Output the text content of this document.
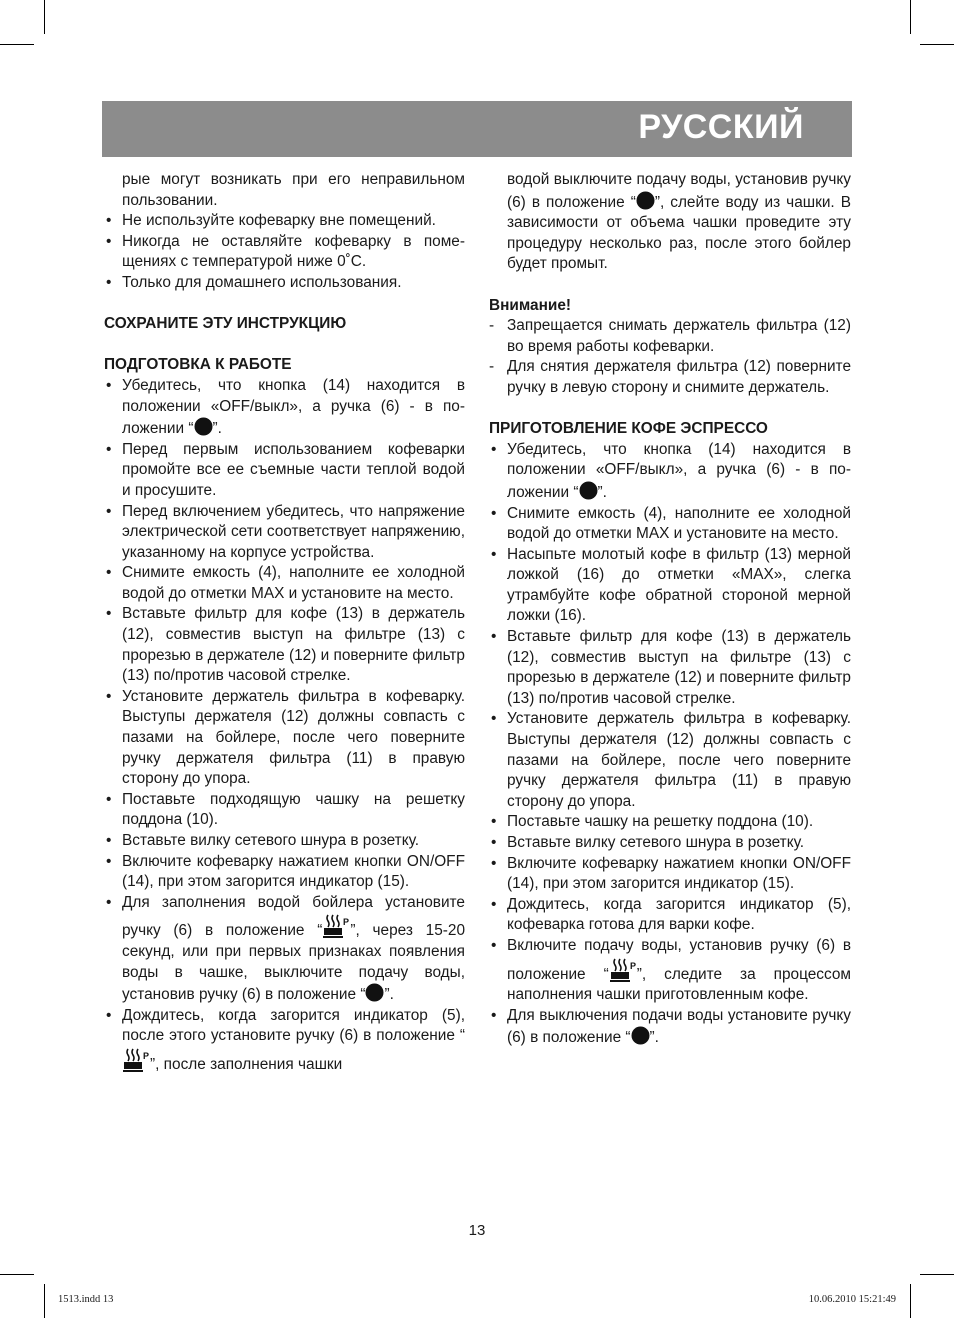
РУССКИЙ

рые могут возникать при его неправильном пользовании.

• Не используйте кофеварку вне помещений.

• Никогда не оставляйте кофеварку в помещениях с температурой ниже 0˚C.

• Только для домашнего использования.

СОХРАНИТЕ ЭТУ ИНСТРУКЦИЮ

ПОДГОТОВКА К РАБОТЕ

• Убедитесь, что кнопка (14) находится в положении «OFF/выкл», а ручка (6) - в положении “ ”.

• Перед первым использованием кофеварки промойте все ее съемные части теплой водой и просушите.

• Перед включением убедитесь, что напряжение электрической сети соответствует напряжению, указанному на корпусе устройства.

• Снимите емкость (4), наполните ее холодной водой до отметки MAX и установите на место.

• Вставьте фильтр для кофе (13) в держатель (12), совместив выступ на фильтре (13) с прорезью в держателе (12) и поверните фильтр (13) по/против часовой стрелке.

• Установите держатель фильтра в кофеварку. Выступы держателя (12) должны совпасть с пазами на бойлере, после чего поверните ручку держателя фильтра (11) в правую сторону до упора.

• Поставьте подходящую чашку на решетку поддона (10).

• Вставьте вилку сетевого шнура в розетку.

• Включите кофеварку нажатием кнопки ON/OFF (14), при этом загорится индикатор (15).

• Для заполнения водой бойлера установите ручку (6) в положение “ P ”, через 15-20 секунд, или при первых признаках появления воды в чашке, выключите подачу воды, установив ручку (6) в положение “ ”.

• Дождитесь, когда загорится индикатор (5), после этого установите ручку (6) в положение “
P ”, после заполнения чашки

водой выключите подачу воды, установив ручку (6) в положение “ ”, слейте воду из чашки. В зависимости от объема чашки проведите эту процедуру несколько раз, после этого бойлер будет промыт.

Внимание!

- Запрещается снимать держатель фильтра (12) во время работы кофеварки.

- Для снятия держателя фильтра (12) поверните ручку в левую сторону и снимите держатель.

ПРИГОТОВЛЕНИЕ КОФЕ ЭСПРЕССО

• Убедитесь, что кнопка (14) находится в положении «OFF/выкл», а ручка (6) - в положении “ ”.

• Снимите емкость (4), наполните ее холодной водой до отметки MAX и установите на место.

• Насыпьте молотый кофе в фильтр (13) мерной ложкой (16) до отметки «MAX», слегка утрамбуйте кофе обратной стороной мерной ложки (16).

• Вставьте фильтр для кофе (13) в держатель (12), совместив выступ на фильтре (13) с прорезью в держателе (12) и поверните фильтр (13) по/против часовой стрелке.

• Установите держатель фильтра в кофеварку. Выступы держателя (12) должны совпасть с пазами на бойлере, после чего поверните ручку держателя фильтра (11) в правую сторону до упора.

• Поставьте чашку на решетку поддона (10).

• Вставьте вилку сетевого шнура в розетку.

• Включите кофеварку нажатием кнопки ON/OFF (14), при этом загорится индикатор (15).

• Дождитесь, когда загорится индикатор (5), кофеварка готова для варки кофе.

• Включите подачу воды, установив ручку (6) в положение “ P ”, следите за процессом наполнения чашки приготовленным кофе.

• Для выключения подачи воды установите ручку (6) в положение “ ”.

13
1513.indd 13	10.06.2010 15:21:49
